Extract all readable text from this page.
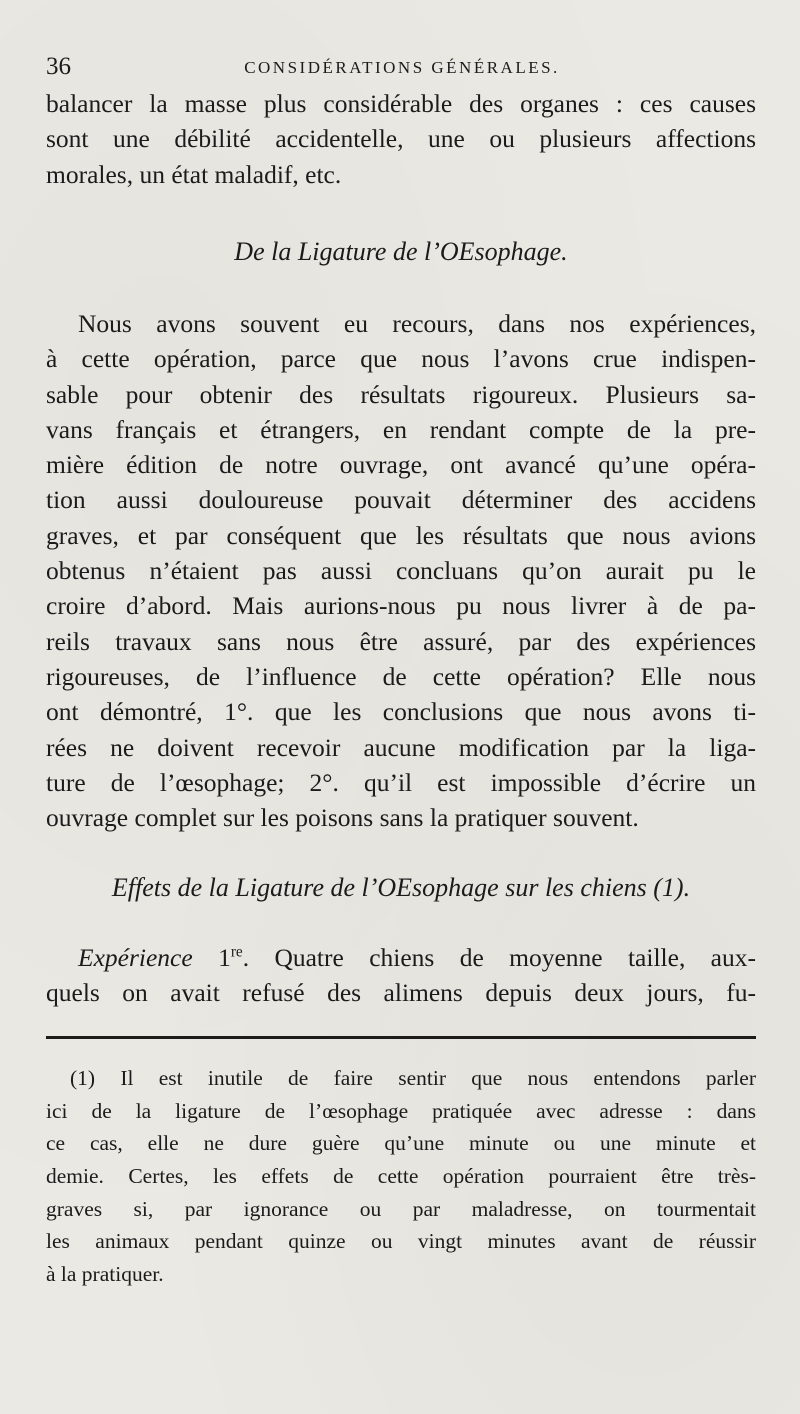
36	CONSIDÉRATIONS GÉNÉRALES.
balancer la masse plus considérable des organes : ces causes
sont une débilité accidentelle, une ou plusieurs affections
morales, un état maladif, etc.
De la Ligature de l’OEsophage.
Nous avons souvent eu recours, dans nos expériences,
à cette opération, parce que nous l’avons crue indispen-
sable pour obtenir des résultats rigoureux. Plusieurs sa-
vans français et étrangers, en rendant compte de la pre-
mière édition de notre ouvrage, ont avancé qu’une opéra-
tion aussi douloureuse pouvait déterminer des accidens
graves, et par conséquent que les résultats que nous avions
obtenus n’étaient pas aussi concluans qu’on aurait pu le
croire d’abord. Mais aurions-nous pu nous livrer à de pa-
reils travaux sans nous être assuré, par des expériences
rigoureuses, de l’influence de cette opération? Elle nous
ont démontré, 1°. que les conclusions que nous avons ti-
rées ne doivent recevoir aucune modification par la liga-
ture de l’œsophage; 2°. qu’il est impossible d’écrire un
ouvrage complet sur les poisons sans la pratiquer souvent.
Effets de la Ligature de l’OEsophage sur les chiens (1).
Expérience 1re. Quatre chiens de moyenne taille, aux-
quels on avait refusé des alimens depuis deux jours, fu-
(1) Il est inutile de faire sentir que nous entendons parler
ici de la ligature de l’œsophage pratiquée avec adresse : dans
ce cas, elle ne dure guère qu’une minute ou une minute et
demie. Certes, les effets de cette opération pourraient être très-
graves si, par ignorance ou par maladresse, on tourmentait
les animaux pendant quinze ou vingt minutes avant de réussir
à la pratiquer.
